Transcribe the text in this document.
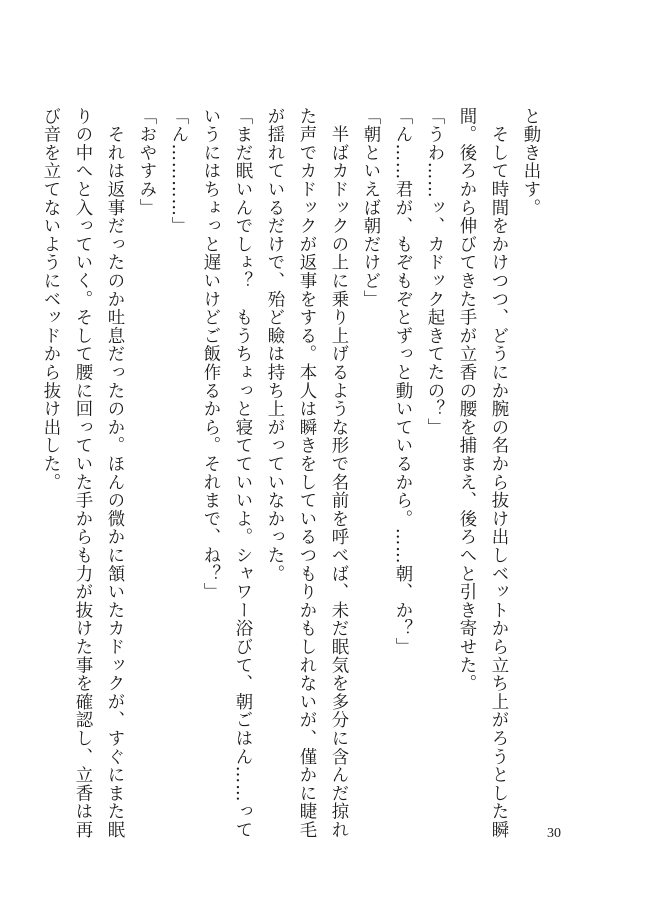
と動き出す。
　そして時間をかけつつ、どうにか腕の名から抜け出しベットから立ち上がろうとした瞬
間。後ろから伸びてきた手が立香の腰を捕まえ、後ろへと引き寄せた。
「うわ……ッ、カドック起きてたの？」
「ん……君が、もぞもぞとずっと動いているから。……朝、か？」
「朝といえば朝だけど」
　半ばカドックの上に乗り上げるような形で名前を呼べば、未だ眠気を多分に含んだ掠れ
た声でカドックが返事をする。本人は瞬きをしているつもりかもしれないが、僅かに睫毛
が揺れているだけで、殆ど瞼は持ち上がっていなかった。
「まだ眠いんでしょ？　もうちょっと寝てていいよ。シャワー浴びて、朝ごはん……って
いうにはちょっと遅いけどご飯作るから。それまで、ね？」
「ん…………」
「おやすみ」
　それは返事だったのか吐息だったのか。ほんの微かに頷いたカドックが、すぐにまた眠
りの中へと入っていく。そして腰に回っていた手からも力が抜けた事を確認し、立香は再
び音を立てないようにベッドから抜け出した。
30
